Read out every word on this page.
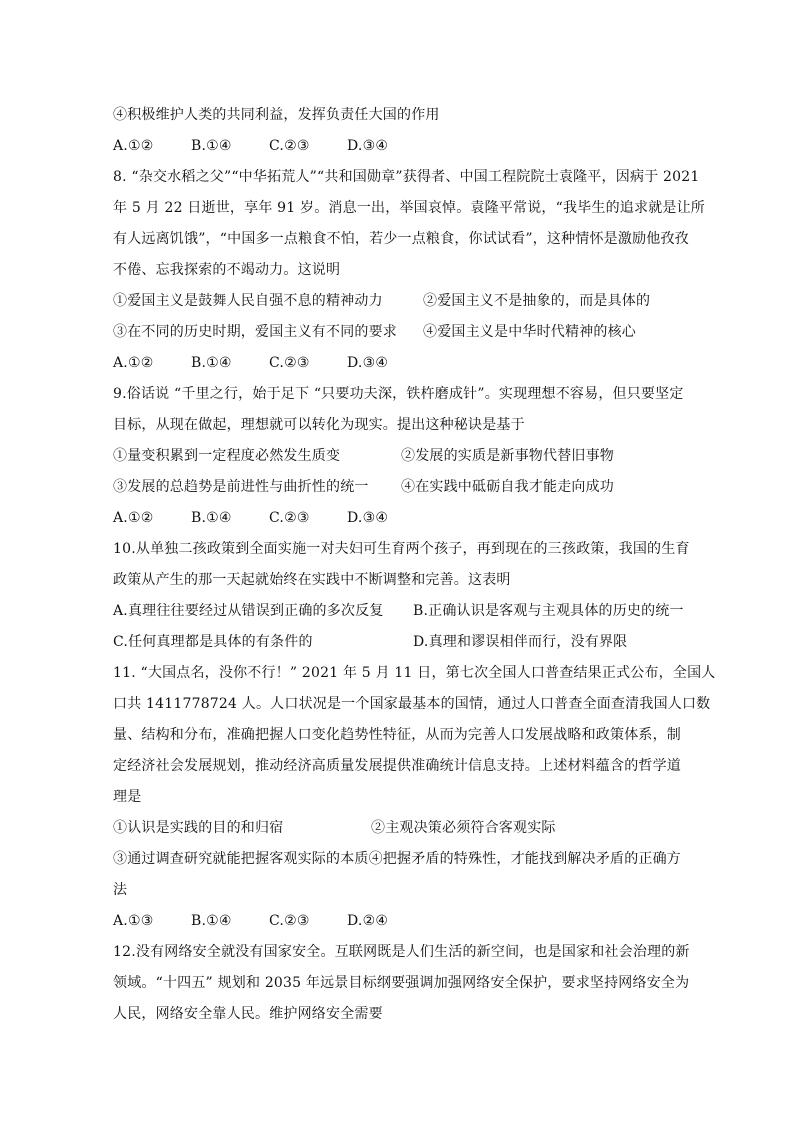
④积极维护人类的共同利益，发挥负责任大国的作用
A.①②	B.①④	C.②③	D.③④
8. “杂交水稻之父”“中华拓荒人”“共和国勋章”获得者、中国工程院院士袁隆平，因病于 2021
年 5 月 22 日逝世，享年 91 岁。消息一出，举国哀悼。袁隆平常说，“我毕生的追求就是让所
有人远离饥饿”，“中国多一点粮食不怕，若少一点粮食，你试试看”，这种情怀是激励他孜孜
不倦、忘我探索的不竭动力。这说明
①爱国主义是鼓舞人民自强不息的精神动力	②爱国主义不是抽象的，而是具体的
③在不同的历史时期，爱国主义有不同的要求 ④爱国主义是中华时代精神的核心
A.①②	B.①④	C.②③	D.③④
9.俗话说 “千里之行，始于足下 “只要功夫深，铁杵磨成针”。实现理想不容易，但只要坚定
目标，从现在做起，理想就可以转化为现实。提出这种秘诀是基于
①量变积累到一定程度必然发生质变	②发展的实质是新事物代替旧事物
③发展的总趋势是前进性与曲折性的统一 ④在实践中砥砺自我才能走向成功
A.①②	B.①④	C.②③	D.③④
10.从单独二孩政策到全面实施一对夫妇可生育两个孩子，再到现在的三孩政策，我国的生育
政策从产生的那一天起就始终在实践中不断调整和完善。这表明
A.真理往往要经过从错误到正确的多次反复 B.正确认识是客观与主观具体的历史的统一
C.任何真理都是具体的有条件的	D.真理和谬误相伴而行，没有界限
11. “大国点名，没你不行！” 2021 年 5 月 11 日，第七次全国人口普查结果正式公布，全国人
口共 1411778724 人。人口状况是一个国家最基本的国情，通过人口普查全面查清我国人口数
量、结构和分布，准确把握人口变化趋势性特征，从而为完善人口发展战略和政策体系，制
定经济社会发展规划，推动经济高质量发展提供准确统计信息支持。上述材料蕴含的哲学道
理是
①认识是实践的目的和归宿	②主观决策必须符合客观实际
③通过调查研究就能把握客观实际的本质④把握矛盾的特殊性，才能找到解决矛盾的正确方
法
A.①③	B.①④	C.②③	D.②④
12.没有网络安全就没有国家安全。互联网既是人们生活的新空间，也是国家和社会治理的新
领域。“十四五” 规划和 2035 年远景目标纲要强调加强网络安全保护，要求坚持网络安全为
人民，网络安全靠人民。维护网络安全需要
